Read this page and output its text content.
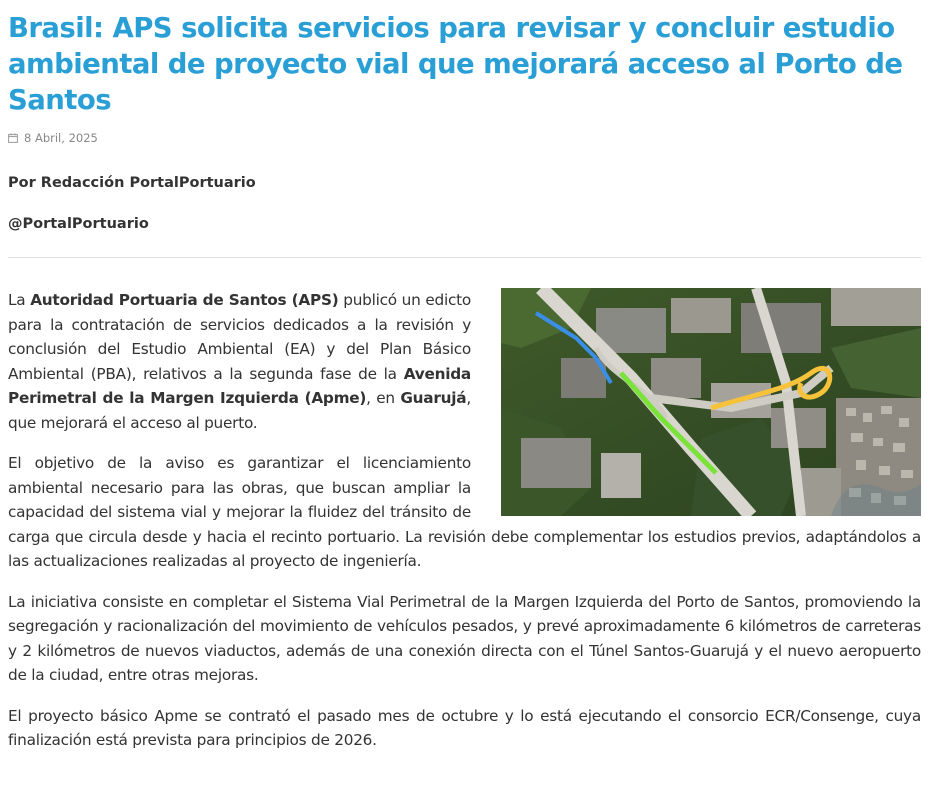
Brasil: APS solicita servicios para revisar y concluir estudio ambiental de proyecto vial que mejorará acceso al Porto de Santos
8 Abril, 2025
Por Redacción PortalPortuario
@PortalPortuario

La Autoridad Portuaria de Santos (APS) publicó un edicto para la contratación de servicios dedicados a la revisión y conclusión del Estudio Ambiental (EA) y del Plan Básico Ambiental (PBA), relativos a la segunda fase de la Avenida Perimetral de la Margen Izquierda (Apme), en Guarujá, que mejorará el acceso al puerto.

El objetivo de la aviso es garantizar el licenciamiento ambiental necesario para las obras, que buscan ampliar la capacidad del sistema vial y mejorar la fluidez del tránsito de carga que circula desde y hacia el recinto portuario. La revisión debe complementar los estudios previos, adaptándolos a las actualizaciones realizadas al proyecto de ingeniería.

La iniciativa consiste en completar el Sistema Vial Perimetral de la Margen Izquierda del Porto de Santos, promoviendo la segregación y racionalización del movimiento de vehículos pesados, y prevé aproximadamente 6 kilómetros de carreteras y 2 kilómetros de nuevos viaductos, además de una conexión directa con el Túnel Santos-Guarujá y el nuevo aeropuerto de la ciudad, entre otras mejoras.

El proyecto básico Apme se contrató el pasado mes de octubre y lo está ejecutando el consorcio ECR/Consenge, cuya finalización está prevista para principios de 2026.
